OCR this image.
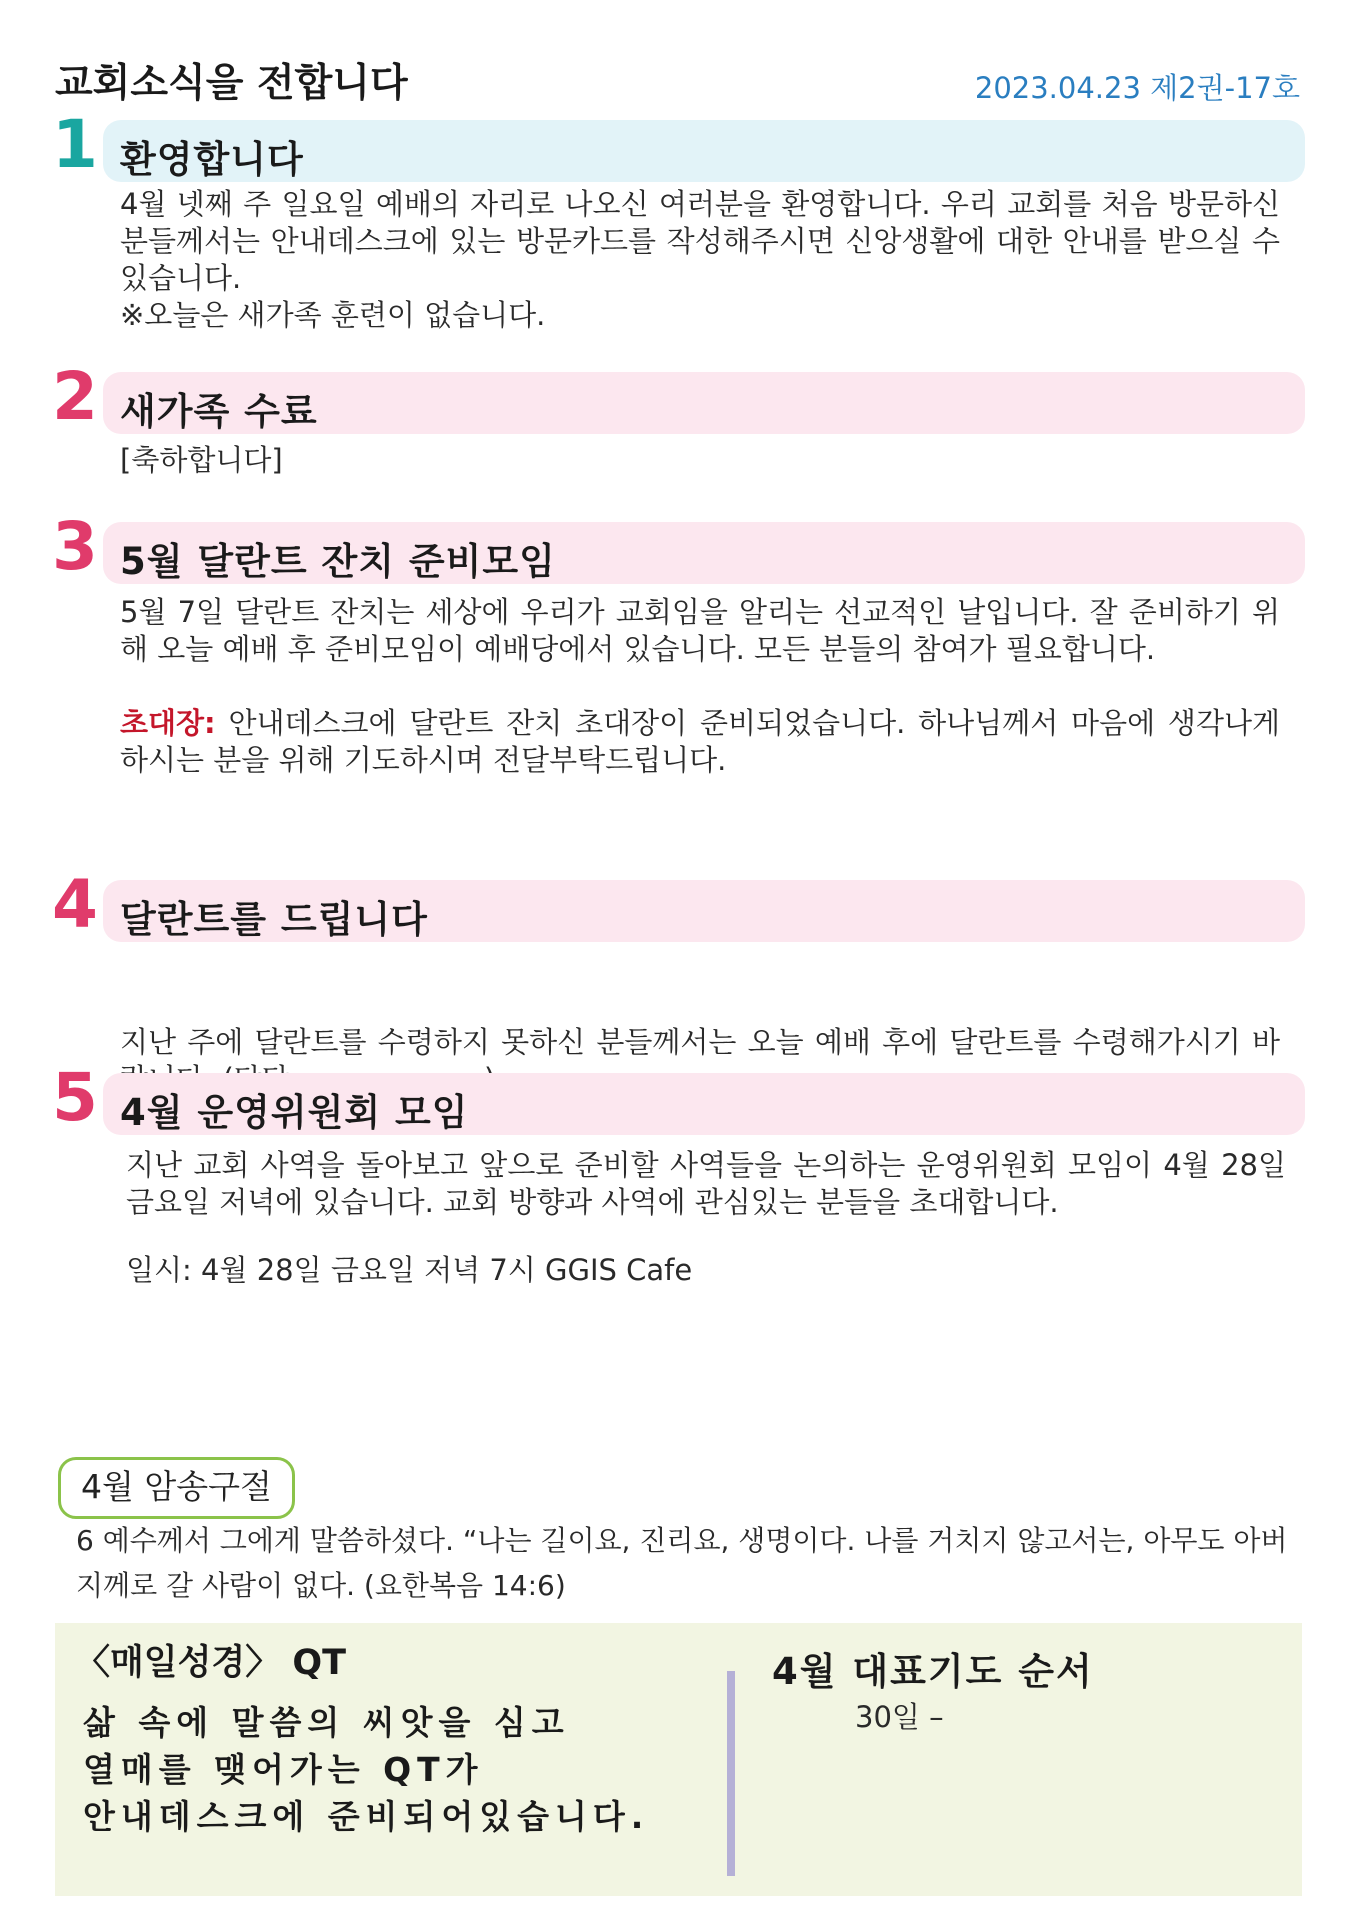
교회소식을 전합니다	2023.04.23 제2권-17호
1 환영합니다

4월 넷째 주 일요일 예배의 자리로 나오신 여러분을 환영합니다. 우리 교회를 처음 방문하신 분들께서는 안내데스크에 있는 방문카드를 작성해주시면 신앙생활에 대한 안내를 받으실 수 있습니다.

※오늘은 새가족 훈련이 없습니다.

2 새가족 수료

[축하합니다]

3 5월 달란트 잔치 준비모임

5월 7일 달란트 잔치는 세상에 우리가 교회임을 알리는 선교적인 날입니다. 잘 준비하기 위해 오늘 예배 후 준비모임이 예배당에서 있습니다. 모든 분들의 참여가 필요합니다.

초대장: 안내데스크에 달란트 잔치 초대장이 준비되었습니다. 하나님께서 마음에 생각나게 하시는 분을 위해 기도하시며 전달부탁드립니다.

4 달란트를 드립니다

지난 주에 달란트를 수령하지 못하신 분들께서는 오늘 예배 후에 달란트를 수령해가시기 바

5 4월 운영위원회 모임

지난 교회 사역을 돌아보고 앞으로 준비할 사역들을 논의하는 운영위원회 모임이 4월 28일 금요일 저녁에 있습니다. 교회 방향과 사역에 관심있는 분들을 초대합니다.

일시: 4월 28일 금요일 저녁 7시 GGIS Cafe

4월 암송구절
6 예수께서 그에게 말씀하셨다. “나는 길이요, 진리요, 생명이다. 나를 거치지 않고서는, 아무도 아버지께로 갈 사람이 없다. (요한복음 14:6)
〈매일성경〉 QT
삶 속에 말씀의 씨앗을 심고
열매를 맺어가는 QT가
안내데스크에 준비되어있습니다.
4월 대표기도 순서
30일 –
